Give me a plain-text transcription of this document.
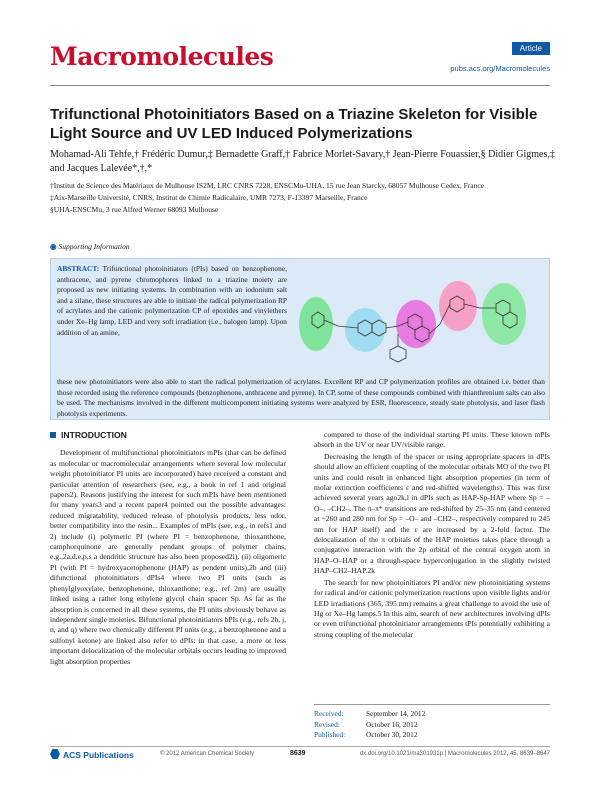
Macromolecules	Article
pubs.acs.org/Macromolecules
Trifunctional Photoinitiators Based on a Triazine Skeleton for Visible Light Source and UV LED Induced Polymerizations
Mohamad-Ali Tehfe,† Frédéric Dumur,‡ Bernadette Graff,† Fabrice Morlet-Savary,† Jean-Pierre Fouassier,§ Didier Gigmes,‡ and Jacques Lalevée*,†,*

†Institut de Science des Matériaux de Mulhouse IS2M, LRC CNRS 7228, ENSCMu-UHA, 15 rue Jean Starcky, 68057 Mulhouse Cedex, France

‡Aix-Marseille Université, CNRS, Institut de Chimie Radicalaire, UMR 7273, F-13397 Marseille, France

§UHA-ENSCMu, 3 rue Alfred Werner 68093 Mulhouse

◉ Supporting Information
ABSTRACT: Trifunctional photoinitiators (tPIs) based on benzophenone, anthracene, and pyrene chromophores linked to a triazine moiety are proposed as new initiating systems. In combination with an iodonium salt and a silane, these structures are able to initiate the radical polymerization RP of acrylates and the cationic polymerization CP of epoxides and vinylethers under Xe–Hg lamp, LED and very soft irradiation (i.e., halogen lamp). Upon addition of an amine,
these new photoinitiators were also able to start the radical polymerization of acrylates. Excellent RP and CP polymerization profiles are obtained i.e. better than those recorded using the reference compounds (benzophenone, anthracene and pyrene). In CP, some of these compounds combined with thianthrenium salts can also be used. The mechanisms involved in the different multicomponent initiating systems were analyzed by ESR, fluorescence, steady state photolysis, and laser flash photolysis experiments.
INTRODUCTION

Development of multifunctional photoinitiators mPIs (that can be defined as molecular or macromolecular arrangements where several low molecular weight photoinitiator PI units are incorporated) have received a constant and particular attention of researchers (see, e.g., a book in ref 1 and original papers2). Reasons justifying the interest for such mPIs have been mentioned for many years3 and a recent paper4 pointed out the possible advantages: reduced migratability, reduced release of photolysis products, less odor, better compatibility into the resin... Examples of mPIs (see, e.g., in refs1 and 2) include (i) polymeric PI (where PI = benzophenone, thioxanthone, camphorquinone are generally pendant groups of polymer chains, e.g.,2a,d,e,p,s a dendritic structure has also been proposed2i), (ii) oligomeric PI (with PI = hydroxyacetophenone (HAP) as pendent units),2b and (iii) difunctional photoinitiators dPIs4 where two PI units (such as phenylglyoxylate, benzophenone, thioxanthone; e.g., ref 2m) are usually linked using a rather long ethylene glycol chain spacer Sp. As far as the absorption is concerned in all these systems, the PI units obviously behave as independent single moieties. Bifunctional photoinitiators bPIs (e.g., refs 2h, j, n, and q) where two chemically different PI units (e.g., a benzophenone and a sulfonyl ketone) are linked also refer to dPIs: in that case, a more or less important delocalization of the molecular orbitals occurs leading to improved light absorption properties

compared to those of the individual starting PI units. These known mPIs absorb in the UV or near UV/visible range.

Decreasing the length of the spacer or using appropriate spacers in dPIs should allow an efficient coupling of the molecular orbitals MO of the two PI units and could result in enhanced light absorption properties (in term of molar extinction coefficients ε and red-shifted wavelengths). This was first achieved several years ago2k,l in dPIs such as HAP-Sp-HAP where Sp = –O–, –CH2–. The π–π* transitions are red-shifted by 25–35 nm (and centered at ~260 and 280 nm for Sp = –O– and –CH2–, respectively compared to 245 nm for HAP itself) and the ε are increased by a 2-fold factor. The delocalization of the π orbitals of the HAP moieties takes place through a conjugative interaction with the 2p orbital of the central oxygen atom in HAP–O–HAP or a through-space hyperconjugation in the slightly twisted HAP–CH2–HAP.2k

The search for new photoinitiators PI and/or new photoinitiating systems for radical and/or cationic polymerization reactions upon visible lights and/or LED irradiations (365, 395 nm) remains a great challenge to avoid the use of Hg or Xe–Hg lamps.5 In this aim, search of new architectures involving dPIs or even trifunctional photoinitiator arrangements tPIs potentially exhibiting a strong coupling of the molecular

Received:	September 14, 2012
Revised:	October 16, 2012
Published:	October 30, 2012
ACS Publications	© 2012 American Chemical Society	8639	dx.doi.org/10.1021/ma301931p | Macromolecules 2012, 45, 8639–8647
